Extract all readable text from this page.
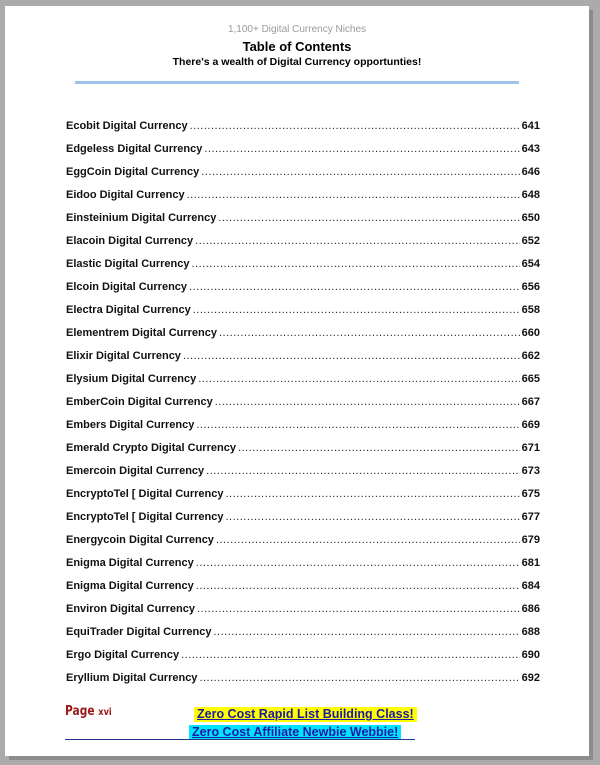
1,100+ Digital Currency Niches
Table of Contents
There's a wealth of Digital Currency opportunties!
Ecobit Digital Currency .....	641
Edgeless Digital Currency .....	643
EggCoin Digital Currency .....	646
Eidoo Digital Currency .....	648
Einsteinium Digital Currency .....	650
Elacoin Digital Currency .....	652
Elastic Digital Currency .....	654
Elcoin Digital Currency .....	656
Electra Digital Currency .....	658
Elementrem Digital Currency .....	660
Elixir Digital Currency .....	662
Elysium Digital Currency .....	665
EmberCoin Digital Currency .....	667
Embers Digital Currency .....	669
Emerald Crypto Digital Currency .....	671
Emercoin Digital Currency .....	673
EncryptoTel [ Digital Currency .....	675
EncryptoTel [ Digital Currency .....	677
Energycoin Digital Currency .....	679
Enigma Digital Currency .....	681
Enigma Digital Currency .....	684
Environ Digital Currency .....	686
EquiTrader Digital Currency .....	688
Ergo Digital Currency .....	690
Eryllium Digital Currency .....	692
Page xvi	Zero Cost Rapid List Building Class!
Zero Cost Affiliate Newbie Webbie!
